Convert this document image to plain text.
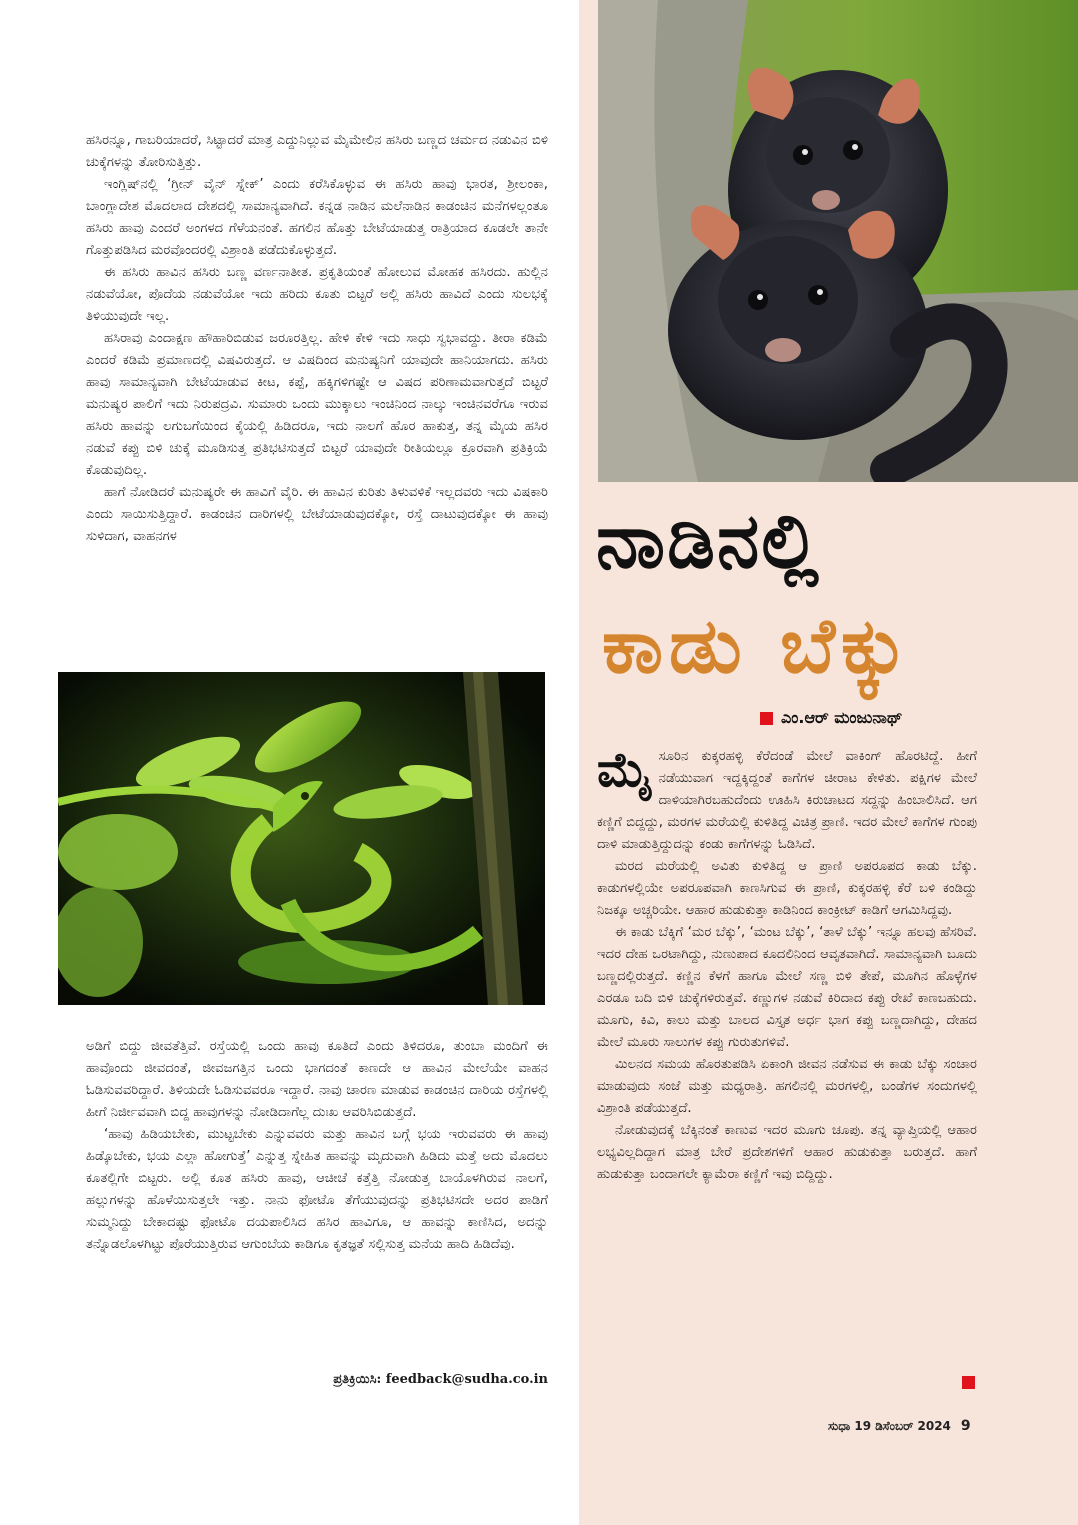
ಹಸಿರನ್ನೂ, ಗಾಬರಿಯಾದರೆ, ಸಿಟ್ಟಾದರೆ ಮಾತ್ರ ಎದ್ದುನಿಲ್ಲುವ ಮೈಮೇಲಿನ ಹಸಿರು ಬಣ್ಣದ ಚರ್ಮದ ನಡುವಿನ ಬಿಳಿ ಚುಕ್ಕೆಗಳನ್ನು ತೋರಿಸುತ್ತಿತ್ತು.

ಇಂಗ್ಲಿಷ್‌ನಲ್ಲಿ ‘ಗ್ರೀನ್ ವೈನ್ ಸ್ನೇಕ್’ ಎಂದು ಕರೆಸಿಕೊಳ್ಳುವ ಈ ಹಸಿರು ಹಾವು ಭಾರತ, ಶ್ರೀಲಂಕಾ, ಬಾಂಗ್ಲಾದೇಶ ಮೊದಲಾದ ದೇಶದಲ್ಲಿ ಸಾಮಾನ್ಯವಾಗಿದೆ. ಕನ್ನಡ ನಾಡಿನ ಮಲೆನಾಡಿನ ಕಾಡಂಚಿನ ಮನೆಗಳಲ್ಲಂತೂ ಹಸಿರು ಹಾವು ಎಂದರೆ ಅಂಗಳದ ಗೆಳೆಯನಂತೆ. ಹಗಲಿನ ಹೊತ್ತು ಬೇಟೆಯಾಡುತ್ತ ರಾತ್ರಿಯಾದ ಕೂಡಲೇ ತಾನೇ ಗೊತ್ತುಪಡಿಸಿದ ಮರವೊಂದರಲ್ಲಿ ವಿಶ್ರಾಂತಿ ಪಡೆದುಕೊಳ್ಳುತ್ತದೆ.

ಈ ಹಸಿರು ಹಾವಿನ ಹಸಿರು ಬಣ್ಣ ವರ್ಣನಾತೀತ. ಪ್ರಕೃತಿಯಂತೆ ಹೋಲುವ ಮೋಹಕ ಹಸಿರದು. ಹುಲ್ಲಿನ ನಡುವೆಯೋ, ಪೊದೆಯ ನಡುವೆಯೋ ಇದು ಹರಿದು ಕೂತು ಬಿಟ್ಟರೆ ಅಲ್ಲಿ ಹಸಿರು ಹಾವಿದೆ ಎಂದು ಸುಲಭಕ್ಕೆ ತಿಳಿಯುವುದೇ ಇಲ್ಲ.

ಹಸಿರಾವು ಎಂದಾಕ್ಷಣ ಹೌಹಾರಿಬಿಡುವ ಜರೂರತ್ತಿಲ್ಲ. ಹೇಳಿ ಕೇಳಿ ಇದು ಸಾಧು ಸ್ವಭಾವದ್ದು. ತೀರಾ ಕಡಿಮೆ ಎಂದರೆ ಕಡಿಮೆ ಪ್ರಮಾಣದಲ್ಲಿ ವಿಷವಿರುತ್ತದೆ. ಆ ವಿಷದಿಂದ ಮನುಷ್ಯನಿಗೆ ಯಾವುದೇ ಹಾನಿಯಾಗದು. ಹಸಿರು ಹಾವು ಸಾಮಾನ್ಯವಾಗಿ ಬೇಟೆಯಾಡುವ ಕೀಟ, ಕಪ್ಪೆ, ಹಕ್ಕಿಗಳಿಗಷ್ಟೇ ಆ ವಿಷದ ಪರಿಣಾಮವಾಗುತ್ತದೆ ಬಿಟ್ಟರೆ ಮನುಷ್ಯರ ಪಾಲಿಗೆ ಇದು ನಿರುಪದ್ರವಿ. ಸುಮಾರು ಒಂದು ಮುಕ್ಕಾಲು ಇಂಚಿನಿಂದ ನಾಲ್ಕು ಇಂಚಿನವರೆಗೂ ಇರುವ ಹಸಿರು ಹಾವನ್ನು ಲಗುಬಗೆಯಿಂದ ಕೈಯಲ್ಲಿ ಹಿಡಿದರೂ, ಇದು ನಾಲಗೆ ಹೊರ ಹಾಕುತ್ತ, ತನ್ನ ಮೈಯ ಹಸಿರ ನಡುವೆ ಕಪ್ಪು ಬಿಳಿ ಚುಕ್ಕೆ ಮೂಡಿಸುತ್ತ ಪ್ರತಿಭಟಿಸುತ್ತದೆ ಬಿಟ್ಟರೆ ಯಾವುದೇ ರೀತಿಯಲ್ಲೂ ಕ್ರೂರವಾಗಿ ಪ್ರತಿಕ್ರಿಯೆ ಕೊಡುವುದಿಲ್ಲ.

ಹಾಗೆ ನೋಡಿದರೆ ಮನುಷ್ಯರೇ ಈ ಹಾವಿಗೆ ವೈರಿ. ಈ ಹಾವಿನ ಕುರಿತು ತಿಳುವಳಿಕೆ ಇಲ್ಲದವರು ಇದು ವಿಷಕಾರಿ ಎಂದು ಸಾಯಿಸುತ್ತಿದ್ದಾರೆ. ಕಾಡಂಚಿನ ದಾರಿಗಳಲ್ಲಿ ಬೇಟೆಯಾಡುವುದಕ್ಕೋ, ರಸ್ತೆ ದಾಟುವುದಕ್ಕೋ ಈ ಹಾವು ಸುಳಿದಾಗ, ವಾಹನಗಳ

ಅಡಿಗೆ ಬಿದ್ದು ಜೀವತೆತ್ತಿವೆ. ರಸ್ತೆಯಲ್ಲಿ ಒಂದು ಹಾವು ಕೂತಿದೆ ಎಂದು ತಿಳಿದರೂ, ತುಂಬಾ ಮಂದಿಗೆ ಈ ಹಾವೊಂದು ಜೀವದಂತೆ, ಜೀವಜಗತ್ತಿನ ಒಂದು ಭಾಗದಂತೆ ಕಾಣದೇ ಆ ಹಾವಿನ ಮೇಲೆಯೇ ವಾಹನ ಓಡಿಸುವವರಿದ್ದಾರೆ. ತಿಳಿಯದೇ ಓಡಿಸುವವರೂ ಇದ್ದಾರೆ. ನಾವು ಚಾರಣ ಮಾಡುವ ಕಾಡಂಚಿನ ದಾರಿಯ ರಸ್ತೆಗಳಲ್ಲಿ ಹೀಗೆ ನಿರ್ಜೀವವಾಗಿ ಬಿದ್ದ ಹಾವುಗಳನ್ನು ನೋಡಿದಾಗೆಲ್ಲ ದುಃಖ ಆವರಿಸಿಬಿಡುತ್ತದೆ.

‘ಹಾವು ಹಿಡಿಯಬೇಕು, ಮುಟ್ಟಬೇಕು ಎನ್ನುವವರು ಮತ್ತು ಹಾವಿನ ಬಗ್ಗೆ ಭಯ ಇರುವವರು ಈ ಹಾವು ಹಿಡ್ಕೊಬೇಕು, ಭಯ ಎಲ್ಲಾ ಹೋಗುತ್ತೆ’ ಎನ್ನುತ್ತ ಸ್ನೇಹಿತ ಹಾವನ್ನು ಮೃದುವಾಗಿ ಹಿಡಿದು ಮತ್ತೆ ಅದು ಮೊದಲು ಕೂತಲ್ಲಿಗೇ ಬಿಟ್ಟರು. ಅಲ್ಲಿ ಕೂತ ಹಸಿರು ಹಾವು, ಆಚೀಚೆ ಕತ್ತೆತ್ತಿ ನೋಡುತ್ತ ಬಾಯೊಳಗಿರುವ ನಾಲಗೆ, ಹಲ್ಲುಗಳನ್ನು ಹೊಳೆಯಿಸುತ್ತಲೇ ಇತ್ತು. ನಾನು ಫೋಟೊ ತೆಗೆಯುವುದನ್ನು ಪ್ರತಿಭಟಿಸದೇ ಅದರ ಪಾಡಿಗೆ ಸುಮ್ಮನಿದ್ದು ಬೇಕಾದಷ್ಟು ಫೋಟೊ ದಯಪಾಲಿಸಿದ ಹಸಿರ ಹಾವಿಗೂ, ಆ ಹಾವನ್ನು ಕಾಣಿಸಿದ, ಅದನ್ನು ತನ್ನೊಡಲೊಳಗಿಟ್ಟು ಪೊರೆಯುತ್ತಿರುವ ಆಗುಂಬೆಯ ಕಾಡಿಗೂ ಕೃತಜ್ಞತೆ ಸಲ್ಲಿಸುತ್ತ ಮನೆಯ ಹಾದಿ ಹಿಡಿದೆವು.

ಪ್ರತಿಕ್ರಿಯಿಸಿ: feedback@sudha.co.in
ನಾಡಿನಲ್ಲಿ
ಕಾಡು ಬೆಕ್ಕು
ಎಂ.ಆರ್‌ ಮಂಜುನಾಥ್

ಮೈಸೂರಿನ ಕುಕ್ಕರಹಳ್ಳಿ ಕೆರೆದಂಡೆ ಮೇಲೆ ವಾಕಿಂಗ್ ಹೊರಟಿದ್ದೆ. ಹೀಗೆ ನಡೆಯುವಾಗ ಇದ್ದಕ್ಕಿದ್ದಂತೆ ಕಾಗೆಗಳ ಚೀರಾಟ ಕೇಳಿತು. ಪಕ್ಷಿಗಳ ಮೇಲೆ ದಾಳಿಯಾಗಿರಬಹುದೆಂದು ಊಹಿಸಿ ಕಿರುಚಾಟದ ಸದ್ದನ್ನು ಹಿಂಬಾಲಿಸಿದೆ. ಆಗ ಕಣ್ಣಿಗೆ ಬಿದ್ದದ್ದು, ಮರಗಳ ಮರೆಯಲ್ಲಿ ಕುಳಿತಿದ್ದ ವಿಚಿತ್ರ ಪ್ರಾಣಿ. ಇದರ ಮೇಲೆ ಕಾಗೆಗಳ ಗುಂಪು ದಾಳಿ ಮಾಡುತ್ತಿದ್ದುದನ್ನು ಕಂಡು ಕಾಗೆಗಳನ್ನು ಓಡಿಸಿದೆ.

ಮರದ ಮರೆಯಲ್ಲಿ ಅವಿತು ಕುಳಿತಿದ್ದ ಆ ಪ್ರಾಣಿ ಅಪರೂಪದ ಕಾಡು ಬೆಕ್ಕು. ಕಾಡುಗಳಲ್ಲಿಯೇ ಅಪರೂಪವಾಗಿ ಕಾಣಸಿಗುವ ಈ ಪ್ರಾಣಿ, ಕುಕ್ಕರಹಳ್ಳಿ ಕೆರೆ ಬಳಿ ಕಂಡಿದ್ದು ನಿಜಕ್ಕೂ ಅಚ್ಚರಿಯೇ. ಆಹಾರ ಹುಡುಕುತ್ತಾ ಕಾಡಿನಿಂದ ಕಾಂಕ್ರೀಟ್ ಕಾಡಿಗೆ ಆಗಮಿಸಿದ್ದವು.

ಈ ಕಾಡು ಬೆಕ್ಕಿಗೆ ‘ಮರ ಬೆಕ್ಕು’, ‘ಮಂಟ ಬೆಕ್ಕು’, ‘ತಾಳೆ ಬೆಕ್ಕು’ ಇನ್ನೂ ಹಲವು ಹೆಸರಿವೆ. ಇದರ ದೇಹ ಒರಟಾಗಿದ್ದು, ನುಣುಪಾದ ಕೂದಲಿನಿಂದ ಆವೃತವಾಗಿದೆ. ಸಾಮಾನ್ಯವಾಗಿ ಬೂದು ಬಣ್ಣದಲ್ಲಿರುತ್ತದೆ. ಕಣ್ಣಿನ ಕೆಳಗೆ ಹಾಗೂ ಮೇಲೆ ಸಣ್ಣ ಬಿಳಿ ತೇಪೆ, ಮೂಗಿನ ಹೊಳ್ಳೆಗಳ ಎರಡೂ ಬದಿ ಬಿಳಿ ಚುಕ್ಕೆಗಳಿರುತ್ತವೆ. ಕಣ್ಣುಗಳ ನಡುವೆ ಕಿರಿದಾದ ಕಪ್ಪು ರೇಖೆ ಕಾಣಬಹುದು. ಮೂಗು, ಕಿವಿ, ಕಾಲು ಮತ್ತು ಬಾಲದ ವಿಸ್ತೃತ ಅರ್ಧ ಭಾಗ ಕಪ್ಪು ಬಣ್ಣದಾಗಿದ್ದು, ದೇಹದ ಮೇಲೆ ಮೂರು ಸಾಲುಗಳ ಕಪ್ಪು ಗುರುತುಗಳಿವೆ.

ಮಿಲನದ ಸಮಯ ಹೊರತುಪಡಿಸಿ ಏಕಾಂಗಿ ಜೀವನ ನಡೆಸುವ ಈ ಕಾಡು ಬೆಕ್ಕು ಸಂಚಾರ ಮಾಡುವುದು ಸಂಜೆ ಮತ್ತು ಮಧ್ಯರಾತ್ರಿ. ಹಗಲಿನಲ್ಲಿ ಮರಗಳಲ್ಲಿ, ಬಂಡೆಗಳ ಸಂದುಗಳಲ್ಲಿ ವಿಶ್ರಾಂತಿ ಪಡೆಯುತ್ತದೆ.

ನೋಡುವುದಕ್ಕೆ ಬೆಕ್ಕಿನಂತೆ ಕಾಣುವ ಇದರ ಮೂಗು ಚೂಪು. ತನ್ನ ವ್ಯಾಪ್ತಿಯಲ್ಲಿ ಆಹಾರ ಲಭ್ಯವಿಲ್ಲದಿದ್ದಾಗ ಮಾತ್ರ ಬೇರೆ ಪ್ರದೇಶಗಳಿಗೆ ಆಹಾರ ಹುಡುಕುತ್ತಾ ಬರುತ್ತದೆ. ಹಾಗೆ ಹುಡುಕುತ್ತಾ ಬಂದಾಗಲೇ ಕ್ಯಾಮೆರಾ ಕಣ್ಣಿಗೆ ಇವು ಬಿದ್ದಿದ್ದು.

ಸುಧಾ 19 ಡಿಸೆಂಬರ್ 2024 9
